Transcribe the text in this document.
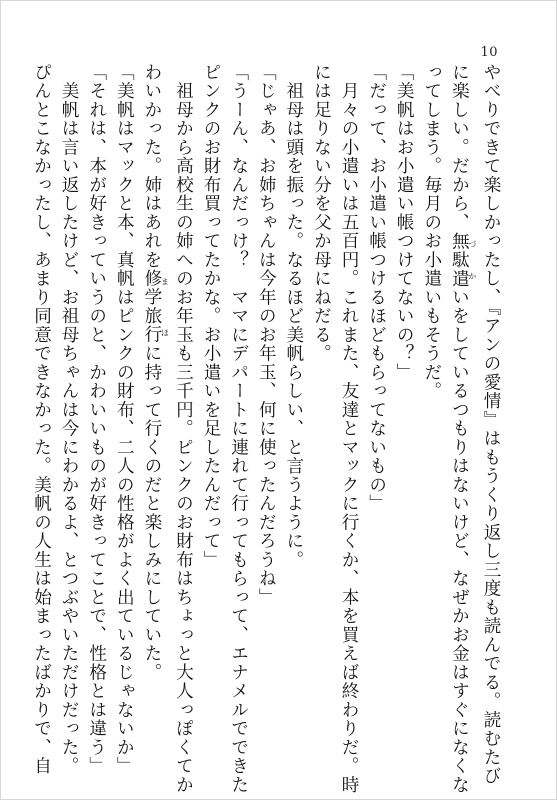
10

やべりできて楽しかったし、『アンの愛情』はもうくり返し三度も読んでる。読むたび

に楽しい。だから、無駄遣づかいをしているつもりはないけど、なぜかお金はすぐになくな

ってしまう。毎月のお小遣いもそうだ。

「美帆はお小遣い帳つけてないの？」

「だって、お小遣い帳つけるほどもらってないもの」

　月々の小遣いは五百円。これまた、友達とマックに行くか、本を買えば終わりだ。時

には足りない分を父か母にねだる。

　祖母は頭を振った。なるほど美帆らしい、と言うように。

「じゃあ、お姉ちゃんは今年のお年玉、何に使ったんだろうね」

「うーん、なんだっけ？　ママにデパートに連れて行ってもらって、エナメルでできた

ピンクのお財布買ってたかな。お小遣いを足したんだって」

　祖母から高校生の姉へのお年玉も三千円。ピンクのお財布はちょっと大人っぽくてか

わいかった。姉はあれを修学旅行ま　ほに持って行くのだと楽しみにしていた。

「美帆はマックと本、真帆はピンクの財布、二人の性格がよく出ているじゃないか」

「それは、本が好きっていうのと、かわいいものが好きってことで、性格とは違う」

　美帆は言い返したけど、お祖母ちゃんは今にわかるよ、とつぶやいただけだった。

ぴんとこなかったし、あまり同意できなかった。美帆の人生は始まったばかりで、自
